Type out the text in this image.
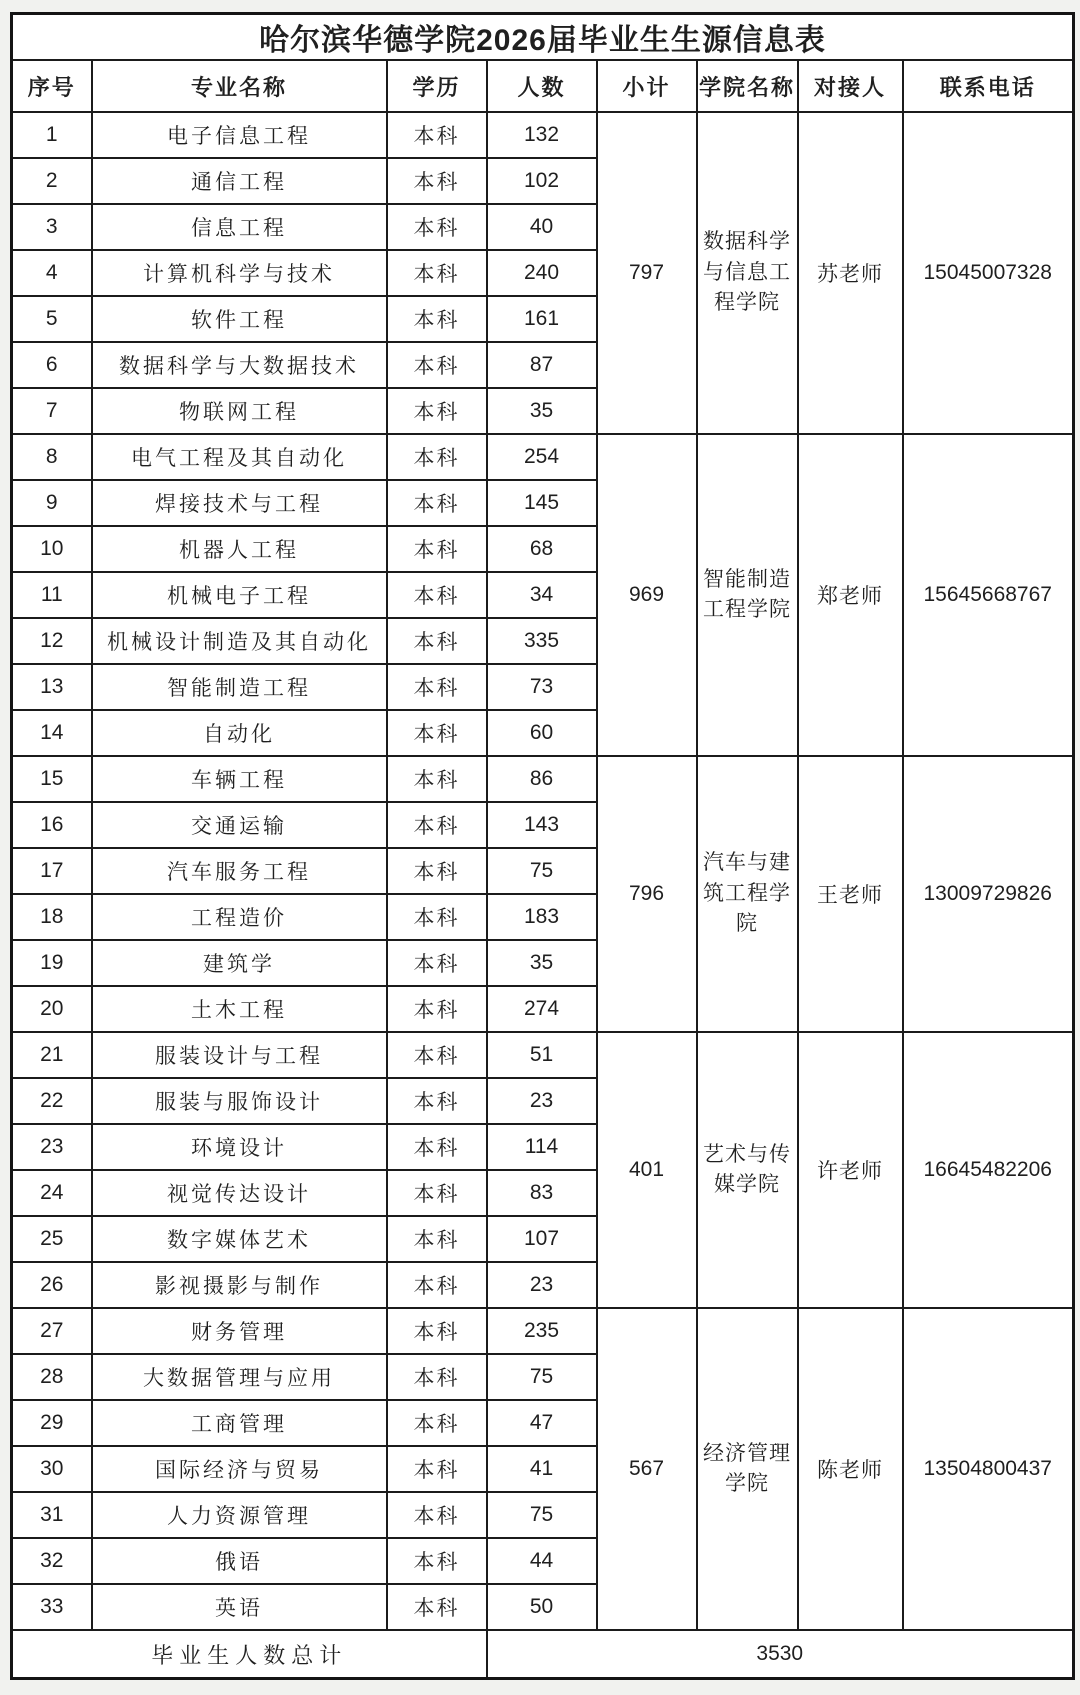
哈尔滨华德学院2026届毕业生生源信息表							
序号	专业名称	学历	人数	小计	学院名称	对接人	联系电话
1	电子信息工程	本科	132	797	数据科学与信息工程学院	苏老师	15045007328
2	通信工程	本科	102				
3	信息工程	本科	40				
4	计算机科学与技术	本科	240				
5	软件工程	本科	161				
6	数据科学与大数据技术	本科	87				
7	物联网工程	本科	35				
8	电气工程及其自动化	本科	254	969	智能制造工程学院	郑老师	15645668767
9	焊接技术与工程	本科	145				
10	机器人工程	本科	68				
11	机械电子工程	本科	34				
12	机械设计制造及其自动化	本科	335				
13	智能制造工程	本科	73				
14	自动化	本科	60				
15	车辆工程	本科	86	796	汽车与建筑工程学院	王老师	13009729826
16	交通运输	本科	143				
17	汽车服务工程	本科	75				
18	工程造价	本科	183				
19	建筑学	本科	35				
20	土木工程	本科	274				
21	服装设计与工程	本科	51	401	艺术与传媒学院	许老师	16645482206
22	服装与服饰设计	本科	23				
23	环境设计	本科	114				
24	视觉传达设计	本科	83				
25	数字媒体艺术	本科	107				
26	影视摄影与制作	本科	23				
27	财务管理	本科	235	567	经济管理学院	陈老师	13504800437
28	大数据管理与应用	本科	75				
29	工商管理	本科	47				
30	国际经济与贸易	本科	41				
31	人力资源管理	本科	75				
32	俄语	本科	44				
33	英语	本科	50				
毕业生人数总计			3530				
